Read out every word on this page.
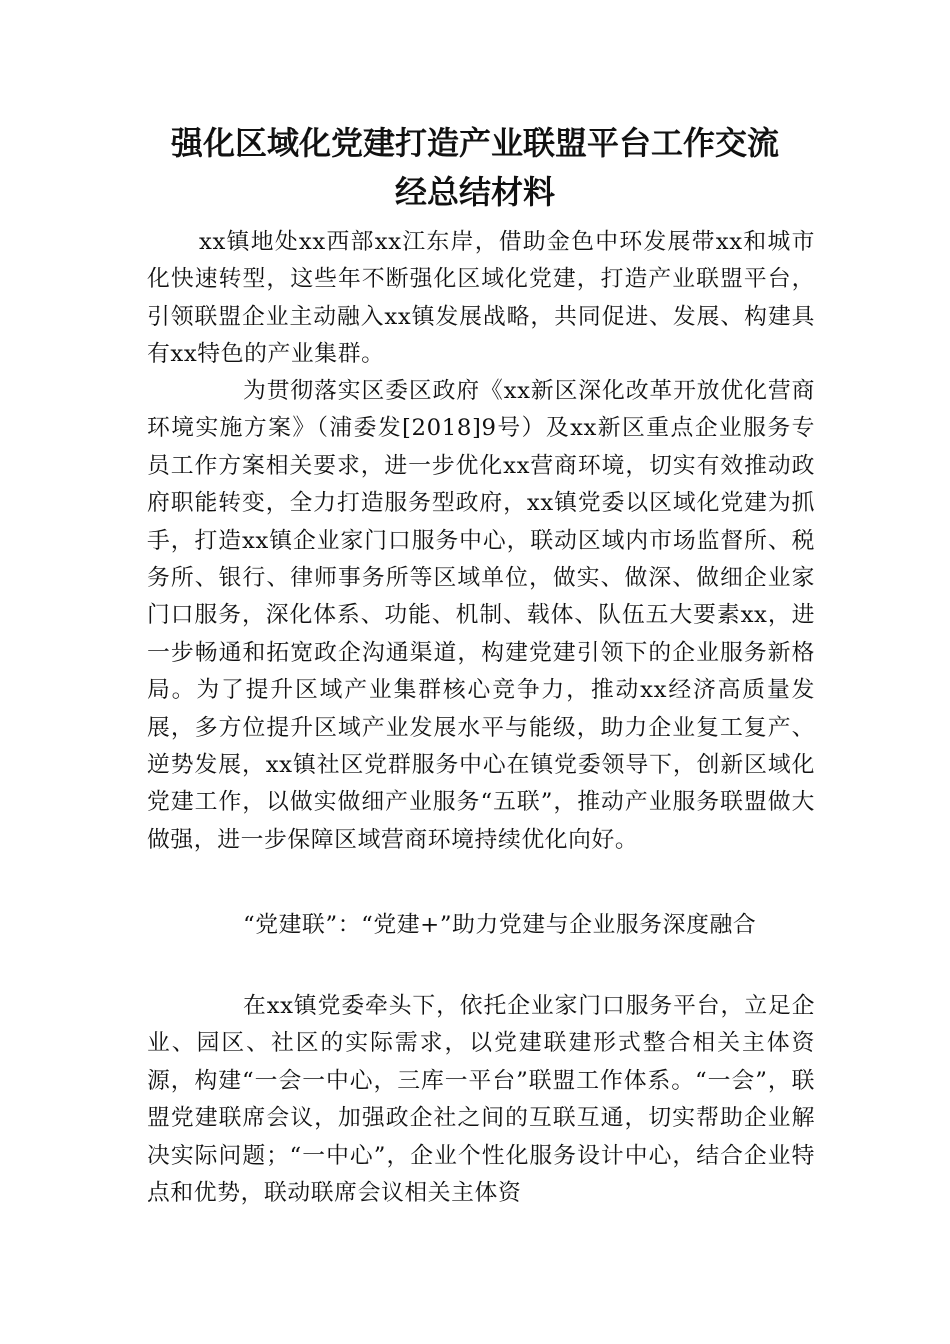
强化区域化党建打造产业联盟平台工作交流
经总结材料

xx镇地处xx西部xx江东岸，借助金色中环发展带xx和城市化快速转型，这些年不断强化区域化党建，打造产业联盟平台，引领联盟企业主动融入xx镇发展战略，共同促进、发展、构建具有xx特色的产业集群。

为贯彻落实区委区政府《xx新区深化改革开放优化营商环境实施方案》（浦委发[2018]9号）及xx新区重点企业服务专员工作方案相关要求，进一步优化xx营商环境，切实有效推动政府职能转变，全力打造服务型政府，xx镇党委以区域化党建为抓手，打造xx镇企业家门口服务中心，联动区域内市场监督所、税务所、银行、律师事务所等区域单位，做实、做深、做细企业家门口服务，深化体系、功能、机制、载体、队伍五大要素xx，进一步畅通和拓宽政企沟通渠道，构建党建引领下的企业服务新格局。为了提升区域产业集群核心竞争力，推动xx经济高质量发展，多方位提升区域产业发展水平与能级，助力企业复工复产、逆势发展，xx镇社区党群服务中心在镇党委领导下，创新区域化党建工作，以做实做细产业服务“五联”，推动产业服务联盟做大做强，进一步保障区域营商环境持续优化向好。

“党建联”：“党建+”助力党建与企业服务深度融合

在xx镇党委牵头下，依托企业家门口服务平台，立足企业、园区、社区的实际需求，以党建联建形式整合相关主体资源，构建“一会一中心，三库一平台”联盟工作体系。“一会”，联盟党建联席会议，加强政企社之间的互联互通，切实帮助企业解决实际问题；“一中心”，企业个性化服务设计中心，结合企业特点和优势，联动联席会议相关主体资
